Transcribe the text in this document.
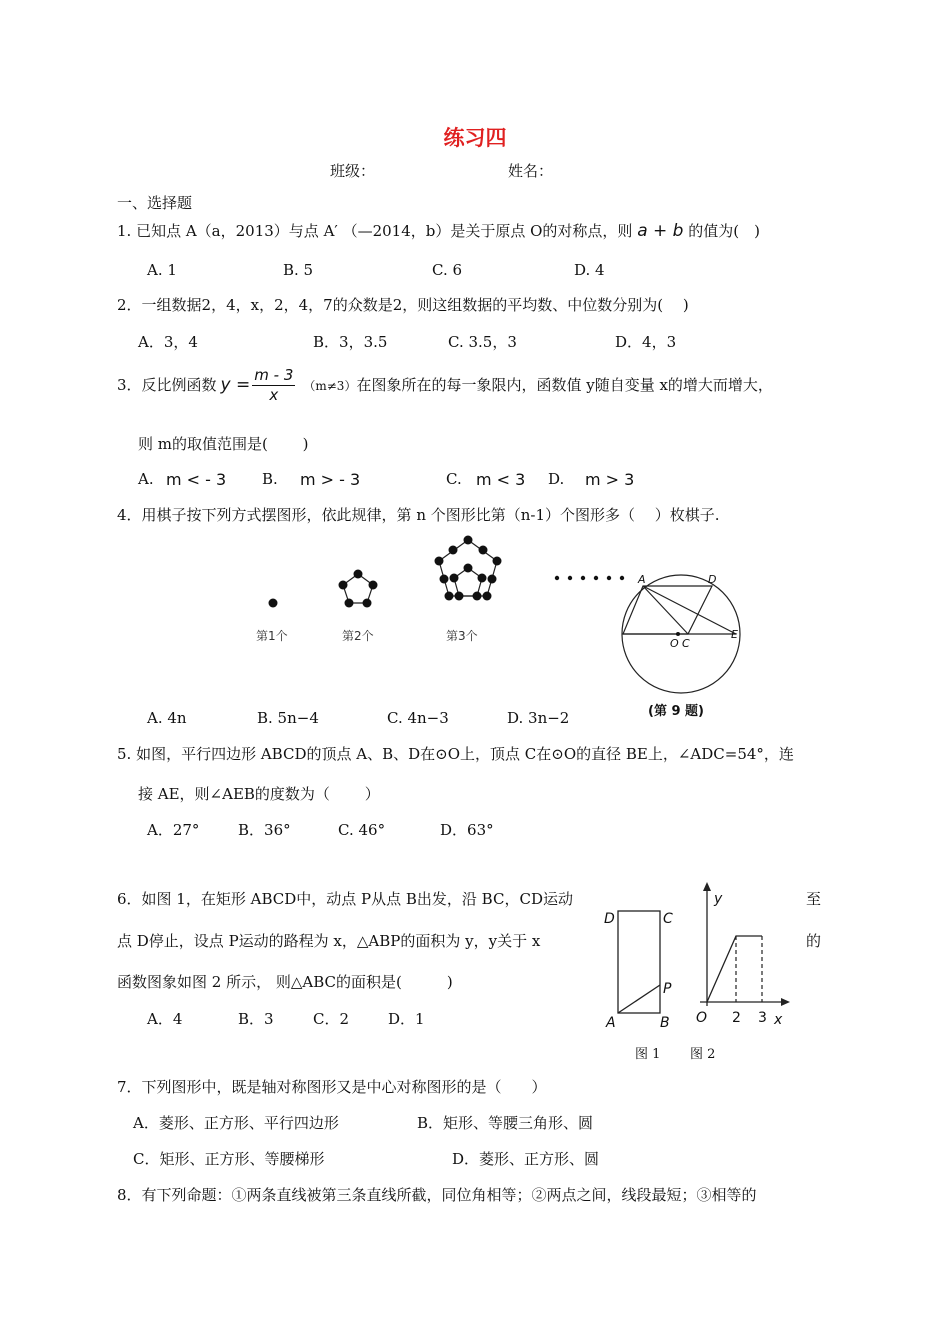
练习四
班级：	姓名：
一、选择题
1. 已知点 A（a，2013）与点 A′ （—2014，b）是关于原点 O的对称点，则 a + b 的值为(　)
A. 1	B. 5	C. 6	D. 4
2．一组数据2，4，x，2，4，7的众数是2，则这组数据的平均数、中位数分别为(　 )
A．3，4	B．3，3.5	C. 3.5，3	D．4，3
3．反比例函数 $y = \frac{m - 3}{x} (m\ne 3)$ 在图象所在的每一象限内，函数值 y随自变量 x的增大而增大，
则 m的取值范围是(　　 )
A. m < - 3 B. m > - 3	C. m < 3 D. m > 3
4．用棋子按下列方式摆图形，依此规律，第 n 个图形比第（n-1）个图形多（　 ）枚棋子.
第1个	第2个	第3个
A	D
E
O C
(第 9 题)
A. 4n	B. 5n−4	C. 4n−3	D. 3n−2
5. 如图，平行四边形 ABCD的顶点 A、B、D在⊙O上，顶点 C在⊙O的直径 BE上，∠ADC=54°，连
接 AE，则∠AEB的度数为（　　 ）
A．27°	B．36°	C. 46°	D．63°
6．如图 1，在矩形 ABCD中，动点 P从点 B出发，沿 BC，CD运动	至
点 D停止，设点 P运动的路程为 x，△ABP的面积为 y，y关于 x	的
函数图象如图 2 所示， 则△ABC的面积是(　　　)
A．4	B．3	C．2	D．1
D	C
P
A	B
y
O 2 3 x
图 1 图 2
7．下列图形中，既是轴对称图形又是中心对称图形的是（　　）
A．菱形、正方形、平行四边形	B．矩形、等腰三角形、圆
C．矩形、正方形、等腰梯形	D．菱形、正方形、圆
8．有下列命题：①两条直线被第三条直线所截，同位角相等；②两点之间，线段最短；③相等的
